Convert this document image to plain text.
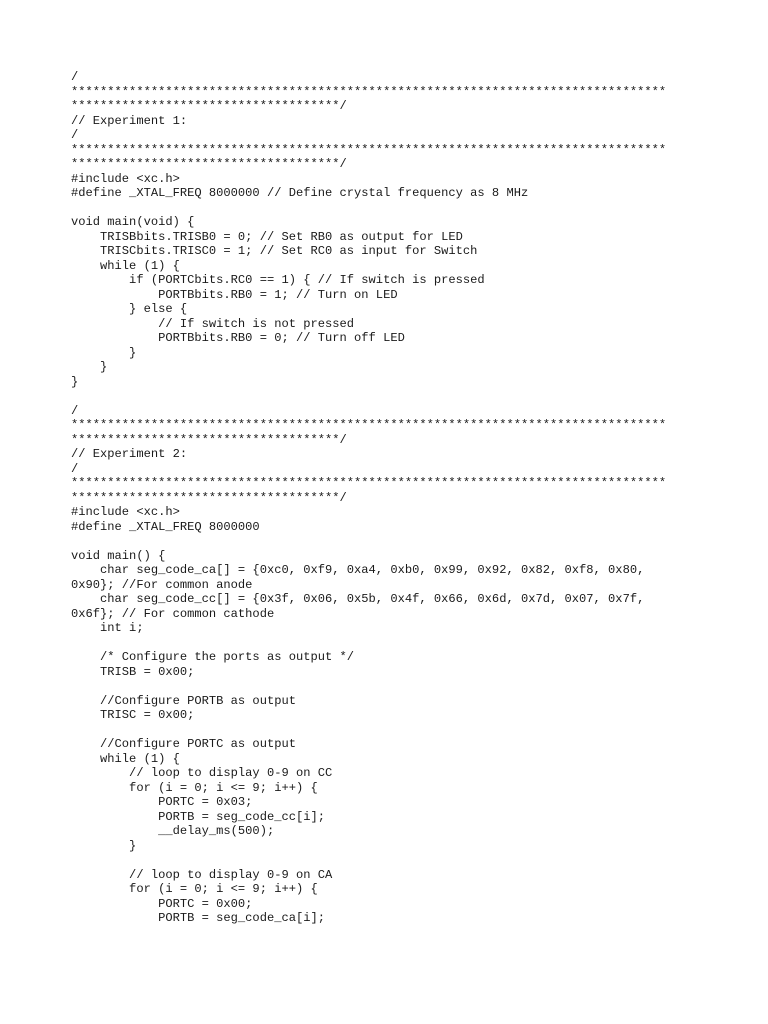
/
**********************************************************************************
*************************************/
// Experiment 1:
/
**********************************************************************************
*************************************/
#include <xc.h>
#define _XTAL_FREQ 8000000 // Define crystal frequency as 8 MHz
void main(void) {
TRISBbits.TRISB0 = 0; // Set RB0 as output for LED
TRISCbits.TRISC0 = 1; // Set RC0 as input for Switch
while (1) {
if (PORTCbits.RC0 == 1) { // If switch is pressed
PORTBbits.RB0 = 1; // Turn on LED
} else {
// If switch is not pressed
PORTBbits.RB0 = 0; // Turn off LED
}
}
}
/
**********************************************************************************
*************************************/
// Experiment 2:
/
**********************************************************************************
*************************************/
#include <xc.h>
#define _XTAL_FREQ 8000000
void main() {
char seg_code_ca[] = {0xc0, 0xf9, 0xa4, 0xb0, 0x99, 0x92, 0x82, 0xf8, 0x80,
0x90}; //For common anode
char seg_code_cc[] = {0x3f, 0x06, 0x5b, 0x4f, 0x66, 0x6d, 0x7d, 0x07, 0x7f,
0x6f}; // For common cathode
int i;
/* Configure the ports as output */
TRISB = 0x00;
//Configure PORTB as output
TRISC = 0x00;
//Configure PORTC as output
while (1) {
// loop to display 0-9 on CC
for (i = 0; i <= 9; i++) {
PORTC = 0x03;
PORTB = seg_code_cc[i];
__delay_ms(500);
}
// loop to display 0-9 on CA
for (i = 0; i <= 9; i++) {
PORTC = 0x00;
PORTB = seg_code_ca[i];
